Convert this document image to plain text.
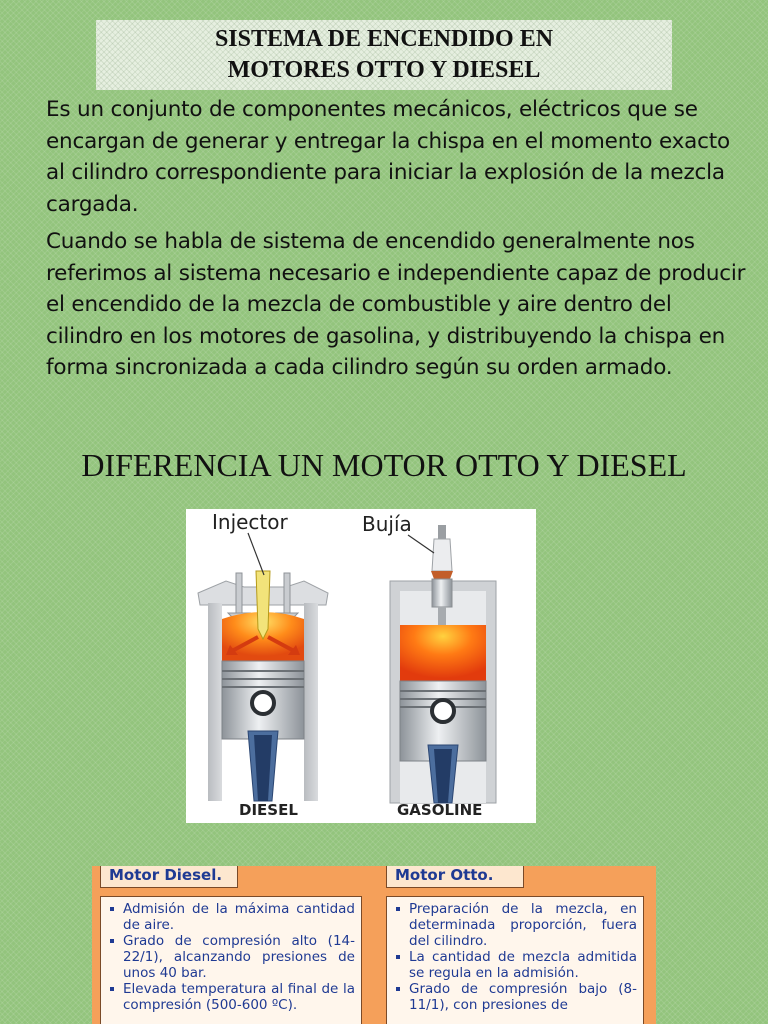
SISTEMA DE ENCENDIDO EN
MOTORES OTTO Y DIESEL

Es un conjunto de componentes mecánicos, eléctricos que se encargan de generar y entregar la chispa en el momento exacto al cilindro correspondiente para iniciar la explosión de la mezcla cargada.

Cuando se habla de sistema de encendido generalmente nos referimos al sistema necesario e independiente capaz de producir el encendido de la mezcla de combustible y aire dentro del cilindro en los motores de gasolina, y distribuyendo la chispa en forma sincronizada a cada cilindro según su orden armado.

DIFERENCIA UN MOTOR OTTO Y DIESEL

Injector	Bujía
DIESEL	GASOLINE
Motor Diesel.	Motor Otto.
Admisión de la máxima cantidad de aire.
Grado de compresión alto (14-22/1), alcanzando presiones de unos 40 bar.
Elevada temperatura al final de la compresión (500-600 ºC).
Preparación de la mezcla, en determinada proporción, fuera del cilindro.
La cantidad de mezcla admitida se regula en la admisión.
Grado de compresión bajo (8-11/1), con presiones de
